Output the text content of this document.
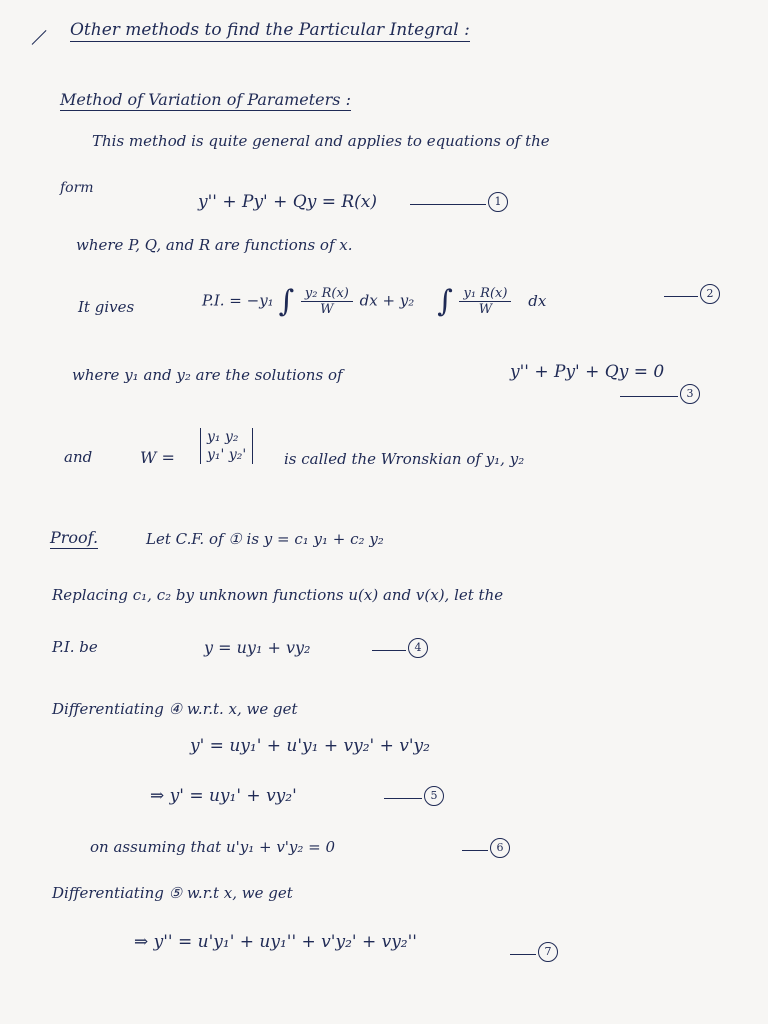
Other methods to find the Particular Integral :
Method of Variation of Parameters :
This method is quite general and applies to equations of the
form
y'' + Py' + Qy = R(x)	1
where P, Q, and R are functions of x.
It gives	P.I. = −y₁ ∫ $\frac{\text{y₂ R(x)}}{W}$ dx + y₂ ∫ $\frac{\text{y₁ R(x)}}{W}$ dx	2
where y₁ and y₂ are the solutions of	y'' + Py' + Qy = 0
3
and	W =
y₁ y₂
y₁' y₂'	is called the Wronskian of y₁, y₂
Proof.	Let C.F. of ① is y = c₁ y₁ + c₂ y₂
Replacing c₁, c₂ by unknown functions u(x) and v(x), let the
P.I. be	y = uy₁ + vy₂	4
Differentiating ④ w.r.t. x, we get
y' = uy₁' + u'y₁ + vy₂' + v'y₂
⇒ y' = uy₁' + vy₂'	5
on assuming that u'y₁ + v'y₂ = 0	6
Differentiating ⑤ w.r.t x, we get
⇒ y'' = u'y₁' + uy₁'' + v'y₂' + vy₂''	7
